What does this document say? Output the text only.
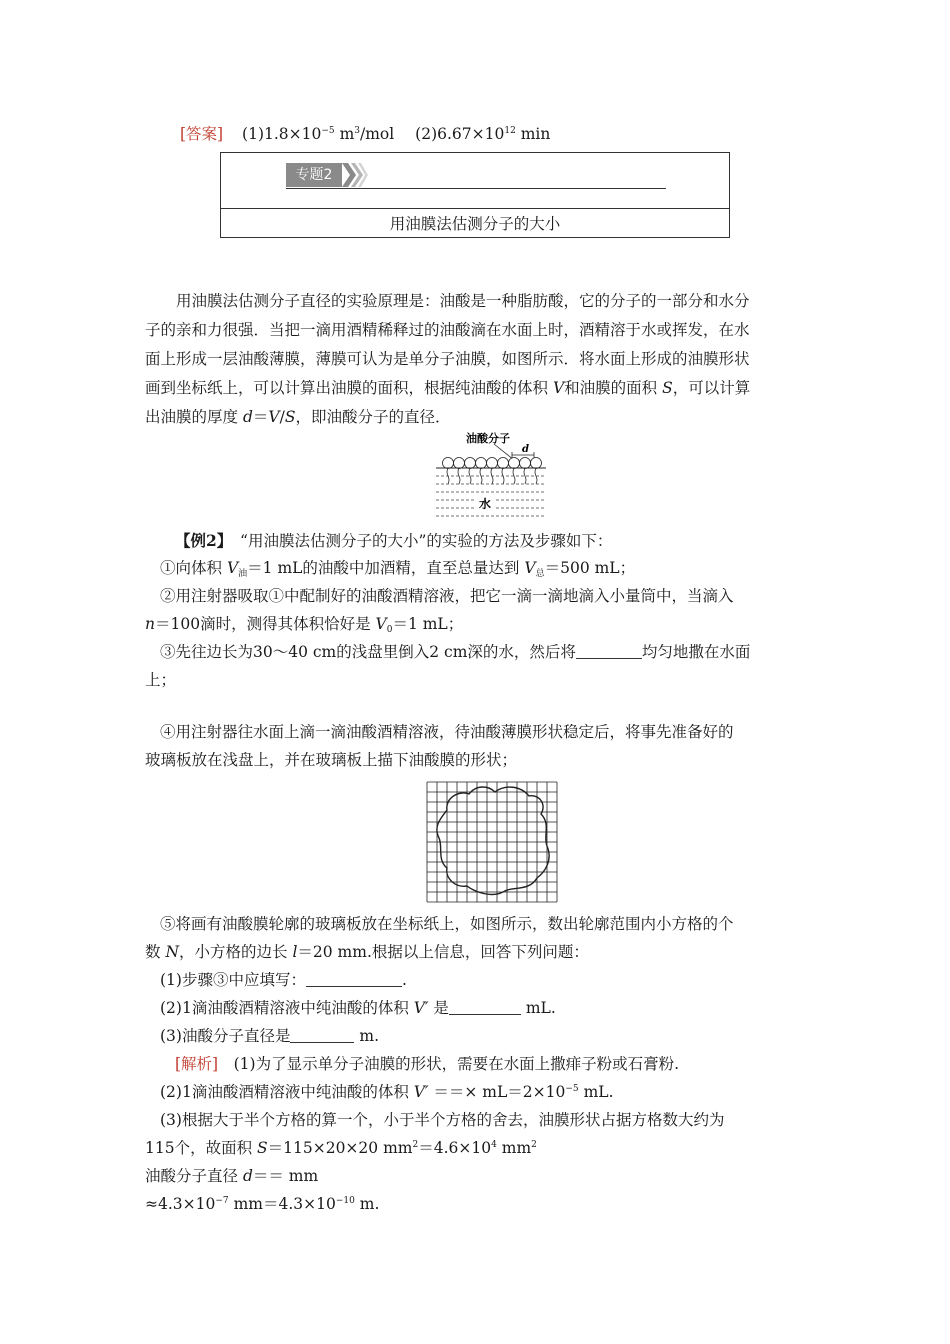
[答案] $(1)1.8\times 10^{-5}$ $m^3$/mol $(2)6.67\times 10^{12}$ min
专题2
用油膜法估测分子的大小
用油膜法估测分子直径的实验原理是：油酸是一种脂肪酸，它的分子的一部分和水分
子的亲和力很强．当把一滴用酒精稀释过的油酸滴在水面上时，酒精溶于水或挥发，在水
面上形成一层油酸薄膜，薄膜可认为是单分子油膜，如图所示．将水面上形成的油膜形状
画到坐标纸上，可以计算出油膜的面积，根据纯油酸的体积 V和油膜的面积 S，可以计算
出油膜的厚度 d＝V/S，即油酸分子的直径．
油酸分子
d
水
【例2】　“用油膜法估测分子的大小”的实验的方法及步骤如下：
①向体积 $V_油=1$ mL的油酸中加酒精，直至总量达到 $V_总=500$ mL；
②用注射器吸取①中配制好的油酸酒精溶液，把它一滴一滴地滴入小量筒中，当滴入
n＝100滴时，测得其体积恰好是 $V_0=1$ mL；
③先往边长为30～40 cm的浅盘里倒入2 cm深的水，然后将	均匀地撒在水面
上；
④用注射器往水面上滴一滴油酸酒精溶液，待油酸薄膜形状稳定后，将事先准备好的
玻璃板放在浅盘上，并在玻璃板上描下油酸膜的形状；
⑤将画有油酸膜轮廓的玻璃板放在坐标纸上，如图所示，数出轮廓范围内小方格的个
数 N，小方格的边长 l＝20 mm.根据以上信息，回答下列问题：
(1)步骤③中应填写：	.
(2)1滴油酸酒精溶液中纯油酸的体积 V′ 是	mL.
(3)油酸分子直径是	m.
[解析]　(1)为了显示单分子油膜的形状，需要在水面上撒痱子粉或石膏粉.
(2)1滴油酸酒精溶液中纯油酸的体积 V′ ＝＝× $mL=2\times 10^{-5}$ mL.
(3)根据大于半个方格的算一个，小于半个方格的舍去，油膜形状占据方格数大约为
115个，故面积 S＝115×20×20 $mm^2=4.6\times 10^4$ $mm^2$
油酸分子直径 d＝＝ mm
$\approx 4.3\times 10^{-7}$ $mm=4.3\times 10^{-10}$ m.
